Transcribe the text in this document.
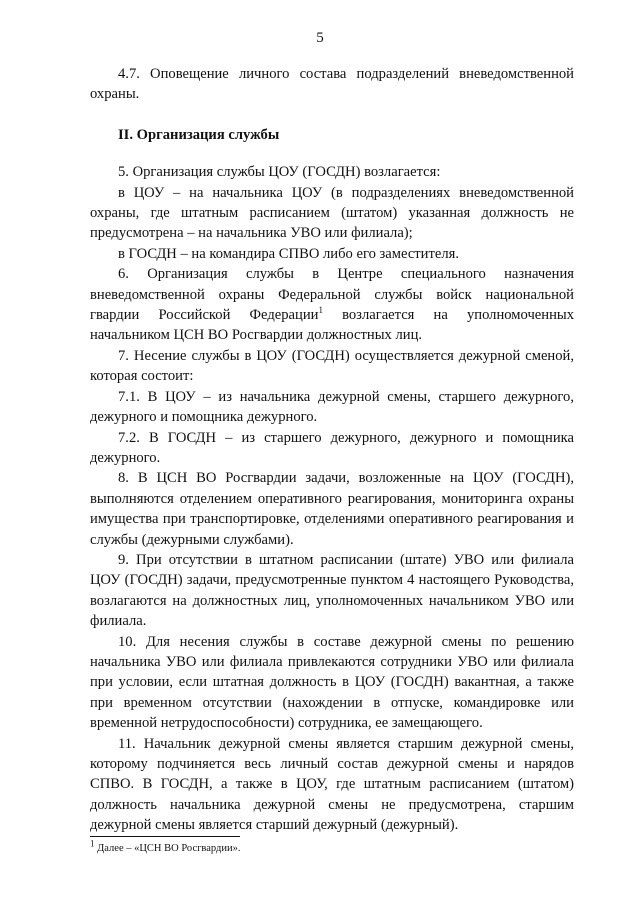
5

4.7. Оповещение личного состава подразделений вневедомственной охраны.

II. Организация службы

5. Организация службы ЦОУ (ГОСДН) возлагается:

в ЦОУ – на начальника ЦОУ (в подразделениях вневедомственной охраны, где штатным расписанием (штатом) указанная должность не предусмотрена – на начальника УВО или филиала);

в ГОСДН – на командира СПВО либо его заместителя.

6. Организация службы в Центре специального назначения вневедомственной охраны Федеральной службы войск национальной гвардии Российской Федерации$^1$ возлагается на уполномоченных начальником ЦСН ВО Росгвардии должностных лиц.

7. Несение службы в ЦОУ (ГОСДН) осуществляется дежурной сменой, которая состоит:

7.1. В ЦОУ – из начальника дежурной смены, старшего дежурного, дежурного и помощника дежурного.

7.2. В ГОСДН – из старшего дежурного, дежурного и помощника дежурного.

8. В ЦСН ВО Росгвардии задачи, возложенные на ЦОУ (ГОСДН), выполняются отделением оперативного реагирования, мониторинга охраны имущества при транспортировке, отделениями оперативного реагирования и службы (дежурными службами).

9. При отсутствии в штатном расписании (штате) УВО или филиала ЦОУ (ГОСДН) задачи, предусмотренные пунктом 4 настоящего Руководства, возлагаются на должностных лиц, уполномоченных начальником УВО или филиала.

10. Для несения службы в составе дежурной смены по решению начальника УВО или филиала привлекаются сотрудники УВО или филиала при условии, если штатная должность в ЦОУ (ГОСДН) вакантная, а также при временном отсутствии (нахождении в отпуске, командировке или временной нетрудоспособности) сотрудника, ее замещающего.

11. Начальник дежурной смены является старшим дежурной смены, которому подчиняется весь личный состав дежурной смены и нарядов СПВО. В ГОСДН, а также в ЦОУ, где штатным расписанием (штатом) должность начальника дежурной смены не предусмотрена, старшим дежурной смены является старший дежурный (дежурный).

$^1$ Далее – «ЦСН ВО Росгвардии».
